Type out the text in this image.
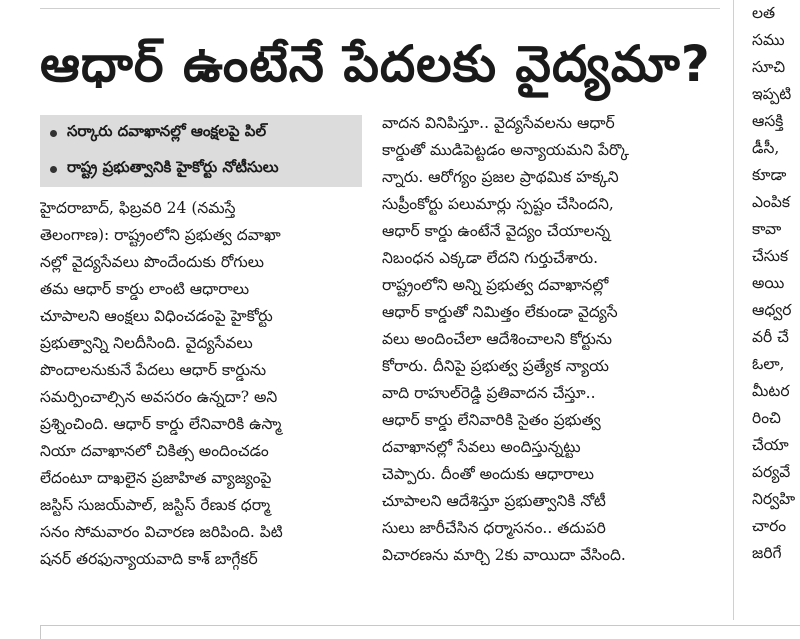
ఆధార్ ఉంటేనే పేదలకు వైద్యమా?
సర్కారు దవాఖానల్లో ఆంక్షలపై పిల్
రాష్ట్ర ప్రభుత్వానికి హైకోర్టు నోటీసులు
హైదరాబాద్, ఫిబ్రవరి 24 (నమస్తే
తెలంగాణ): రాష్ట్రంలోని ప్రభుత్వ దవాఖా
నల్లో వైద్యసేవలు పొందేందుకు రోగులు
తమ ఆధార్ కార్డు లాంటి ఆధారాలు
చూపాలని ఆంక్షలు విధించడంపై హైకోర్టు
ప్రభుత్వాన్ని నిలదీసింది. వైద్యసేవలు
పొందాలనుకునే పేదలు ఆధార్ కార్డును
సమర్పించాల్సిన అవసరం ఉన్నదా? అని
ప్రశ్నించింది. ఆధార్ కార్డు లేనివారికి ఉస్మా
నియా దవాఖానలో చికిత్స అందించడం
లేదంటూ దాఖలైన ప్రజాహిత వ్యాజ్యంపై
జస్టిస్ సుజయ్‌పాల్, జస్టిస్ రేణుక ధర్మా
సనం సోమవారం విచారణ జరిపింది. పిటి
షనర్ తరఫున్యాయవాది కాశ్ బాగ్గేకర్
వాదన వినిపిస్తూ.. వైద్యసేవలను ఆధార్
కార్డుతో ముడిపెట్టడం అన్యాయమని పేర్కొ
న్నారు. ఆరోగ్యం ప్రజల ప్రాథమిక హక్కని
సుప్రీంకోర్టు పలుమార్లు స్పష్టం చేసిందని,
ఆధార్ కార్డు ఉంటేనే వైద్యం చేయాలన్న
నిబంధన ఎక్కడా లేదని గుర్తుచేశారు.
రాష్ట్రంలోని అన్ని ప్రభుత్వ దవాఖానల్లో
ఆధార్ కార్డుతో నిమిత్తం లేకుండా వైద్యసే
వలు అందించేలా ఆదేశించాలని కోర్టును
కోరారు. దీనిపై ప్రభుత్వ ప్రత్యేక న్యాయ
వాది రాహుల్‌రెడ్డి ప్రతివాదన చేస్తూ..
ఆధార్ కార్డు లేనివారికి సైతం ప్రభుత్వ
దవాఖానల్లో సేవలు అందిస్తున్నట్టు
చెప్పారు. దీంతో అందుకు ఆధారాలు
చూపాలని ఆదేశిస్తూ ప్రభుత్వానికి నోటీ
సులు జారీచేసిన ధర్మాసనం.. తదుపరి
విచారణను మార్చి 2కు వాయిదా వేసింది.
లత
సము
సూచి
ఇప్పటి
ఆసక్తి
డీసీ,
కూడా
ఎంపిక
కావా
చేసుక
అయి
ఆధ్వర
వరీ చే
ఓలా,
మీటర
రించి
చేయా
పర్యవే
నిర్వహి
చారం
జరిగే
